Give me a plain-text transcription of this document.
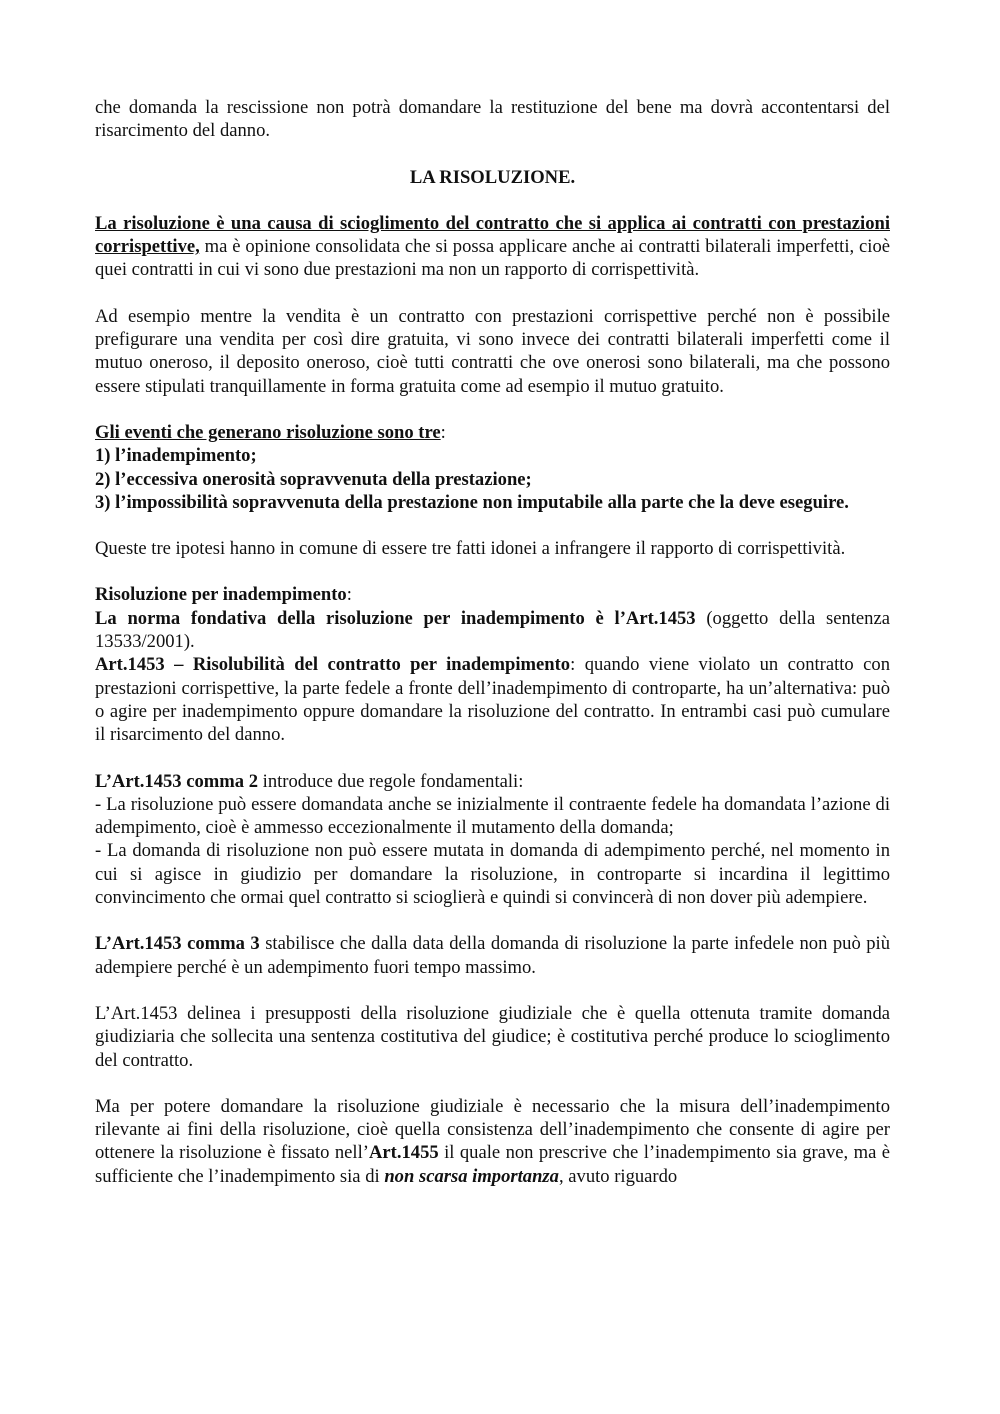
che domanda la rescissione non potrà domandare la restituzione del bene ma dovrà accontentarsi del risarcimento del danno.

LA RISOLUZIONE.

La risoluzione è una causa di scioglimento del contratto che si applica ai contratti con prestazioni corrispettive, ma è opinione consolidata che si possa applicare anche ai contratti bilaterali imperfetti, cioè quei contratti in cui vi sono due prestazioni ma non un rapporto di corrispettività.

Ad esempio mentre la vendita è un contratto con prestazioni corrispettive perché non è possibile prefigurare una vendita per così dire gratuita, vi sono invece dei contratti bilaterali imperfetti come il mutuo oneroso, il deposito oneroso, cioè tutti contratti che ove onerosi sono bilaterali, ma che possono essere stipulati tranquillamente in forma gratuita come ad esempio il mutuo gratuito.

Gli eventi che generano risoluzione sono tre:

1) l’inadempimento;

2) l’eccessiva onerosità sopravvenuta della prestazione;

3) l’impossibilità sopravvenuta della prestazione non imputabile alla parte che la deve eseguire.

Queste tre ipotesi hanno in comune di essere tre fatti idonei a infrangere il rapporto di corrispettività.

Risoluzione per inadempimento:

La norma fondativa della risoluzione per inadempimento è l’Art.1453 (oggetto della sentenza 13533/2001).

Art.1453 – Risolubilità del contratto per inadempimento: quando viene violato un contratto con prestazioni corrispettive, la parte fedele a fronte dell’inadempimento di controparte, ha un’alternativa: può o agire per inadempimento oppure domandare la risoluzione del contratto. In entrambi casi può cumulare il risarcimento del danno.

L’Art.1453 comma 2 introduce due regole fondamentali:

- La risoluzione può essere domandata anche se inizialmente il contraente fedele ha domandata l’azione di adempimento, cioè è ammesso eccezionalmente il mutamento della domanda;

- La domanda di risoluzione non può essere mutata in domanda di adempimento perché, nel momento in cui si agisce in giudizio per domandare la risoluzione, in controparte si incardina il legittimo convincimento che ormai quel contratto si scioglierà e quindi si convincerà di non dover più adempiere.

L’Art.1453 comma 3 stabilisce che dalla data della domanda di risoluzione la parte infedele non può più adempiere perché è un adempimento fuori tempo massimo.

L’Art.1453 delinea i presupposti della risoluzione giudiziale che è quella ottenuta tramite domanda giudiziaria che sollecita una sentenza costitutiva del giudice; è costitutiva perché produce lo scioglimento del contratto.

Ma per potere domandare la risoluzione giudiziale è necessario che la misura dell’inadempimento rilevante ai fini della risoluzione, cioè quella consistenza dell’inadempimento che consente di agire per ottenere la risoluzione è fissato nell’Art.1455 il quale non prescrive che l’inadempimento sia grave, ma è sufficiente che l’inadempimento sia di non scarsa importanza, avuto riguardo
